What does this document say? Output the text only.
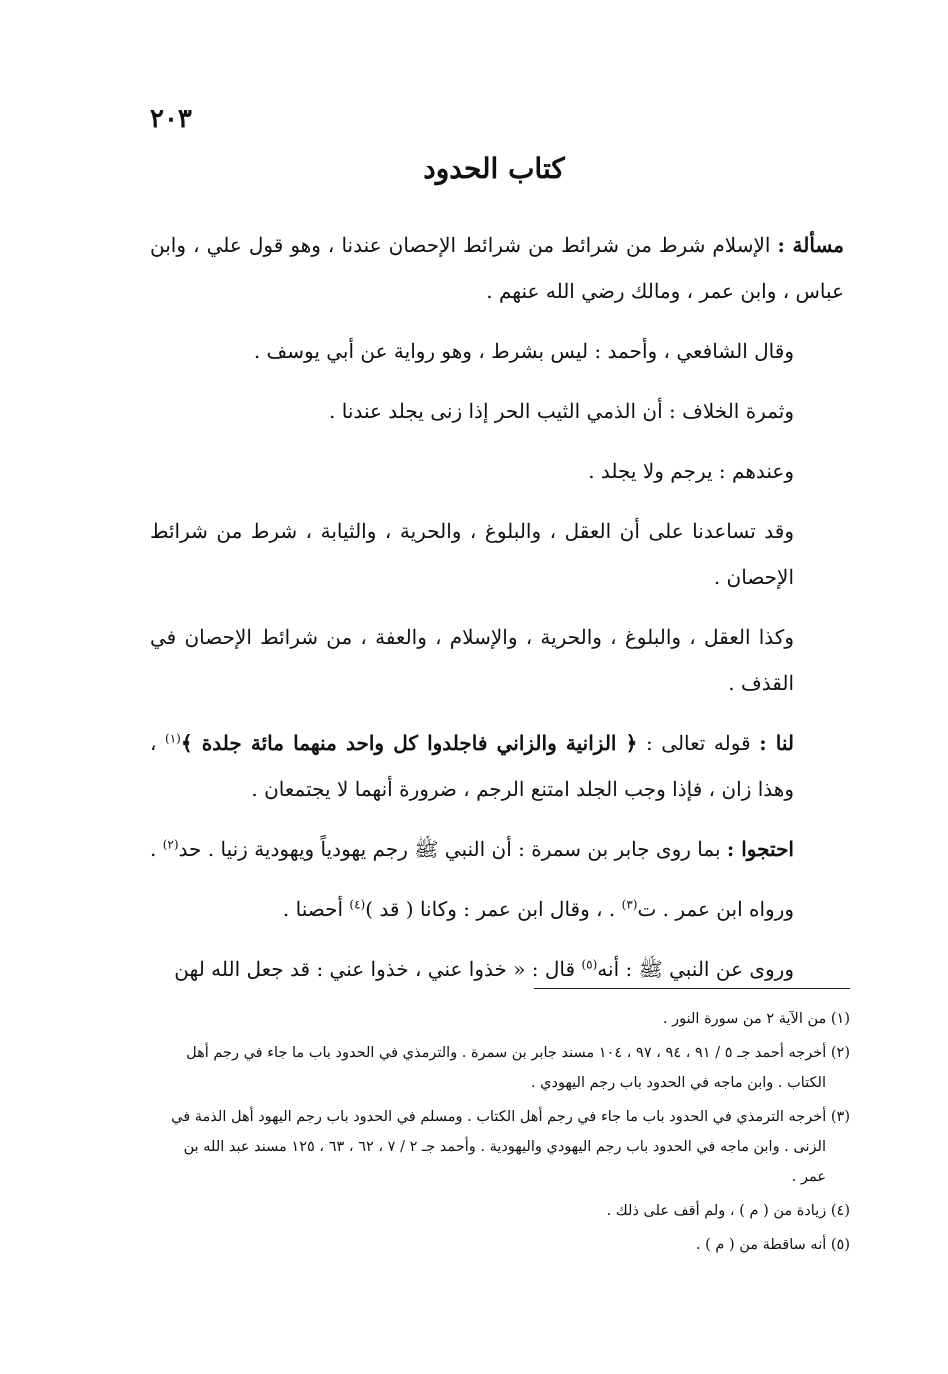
٢٠٣
كتاب الحدود

مسألة : الإسلام شرط من شرائط من شرائط الإحصان عندنا ، وهو قول علي ، وابن عباس ، وابن عمر ، ومالك رضي الله عنهم .

وقال الشافعي ، وأحمد : ليس بشرط ، وهو رواية عن أبي يوسف .

وثمرة الخلاف : أن الذمي الثيب الحر إذا زنى يجلد عندنا .

وعندهم : يرجم ولا يجلد .

وقد تساعدنا على أن العقل ، والبلوغ ، والحرية ، والثيابة ، شرط من شرائط الإحصان .

وكذا العقل ، والبلوغ ، والحرية ، والإسلام ، والعفة ، من شرائط الإحصان في القذف .

لنا : قوله تعالى : ﴿ الزانية والزاني فاجلدوا كل واحد منهما مائة جلدة ﴾$^{(١)}$ ، وهذا زان ، فإذا وجب الجلد امتنع الرجم ، ضرورة أنهما لا يجتمعان .

احتجوا : بما روى جابر بن سمرة : أن النبي ﷺ رجم يهودياً ويهودية زنيا . حد$^{(٢)}$ .

ورواه ابن عمر . ت$^{(٣)}$ . ، وقال ابن عمر : وكانا ( قد )$^{(٤)}$ أحصنا .

وروى عن النبي ﷺ : أنه$^{(٥)}$ قال : « خذوا عني ، خذوا عني : قد جعل الله لهن

(١) من الآية ٢ من سورة النور .

(٢) أخرجه أحمد جـ ٥ / ٩١ ، ٩٤ ، ٩٧ ، ١٠٤ مسند جابر بن سمرة . والترمذي في الحدود باب ما جاء في رجم أهل
الكتاب . وابن ماجه في الحدود باب رجم اليهودي .

(٣) أخرجه الترمذي في الحدود باب ما جاء في رجم أهل الكتاب . ومسلم في الحدود باب رجم اليهود أهل الذمة في
الزنى . وابن ماجه في الحدود باب رجم اليهودي واليهودية . وأحمد جـ ٢ / ٧ ، ٦٢ ، ٦٣ ، ١٢٥ مسند عبد الله بن
عمر .

(٤) زيادة من ( م ) ، ولم أقف على ذلك .

(٥) أنه ساقطة من ( م ) .
